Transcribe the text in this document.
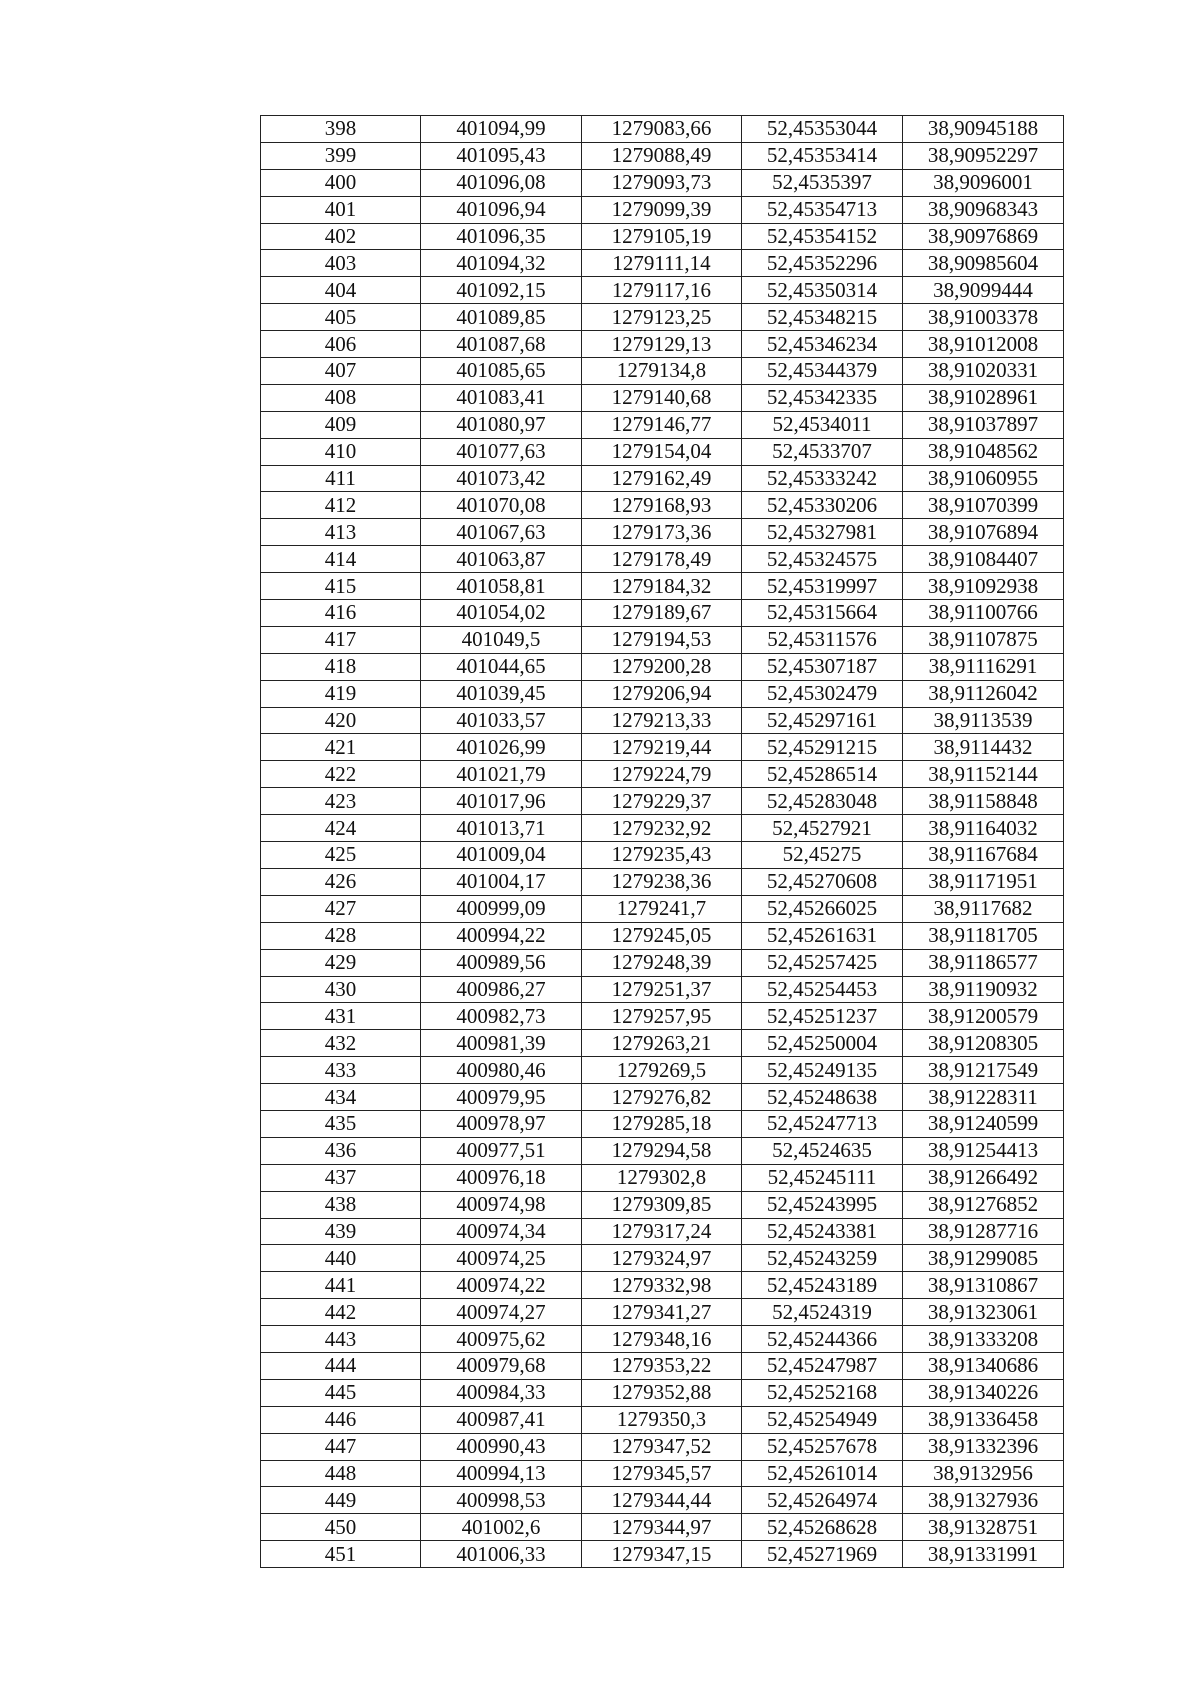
398	401094,99	1279083,66	52,45353044	38,90945188
399	401095,43	1279088,49	52,45353414	38,90952297
400	401096,08	1279093,73	52,4535397	38,9096001
401	401096,94	1279099,39	52,45354713	38,90968343
402	401096,35	1279105,19	52,45354152	38,90976869
403	401094,32	1279111,14	52,45352296	38,90985604
404	401092,15	1279117,16	52,45350314	38,9099444
405	401089,85	1279123,25	52,45348215	38,91003378
406	401087,68	1279129,13	52,45346234	38,91012008
407	401085,65	1279134,8	52,45344379	38,91020331
408	401083,41	1279140,68	52,45342335	38,91028961
409	401080,97	1279146,77	52,4534011	38,91037897
410	401077,63	1279154,04	52,4533707	38,91048562
411	401073,42	1279162,49	52,45333242	38,91060955
412	401070,08	1279168,93	52,45330206	38,91070399
413	401067,63	1279173,36	52,45327981	38,91076894
414	401063,87	1279178,49	52,45324575	38,91084407
415	401058,81	1279184,32	52,45319997	38,91092938
416	401054,02	1279189,67	52,45315664	38,91100766
417	401049,5	1279194,53	52,45311576	38,91107875
418	401044,65	1279200,28	52,45307187	38,91116291
419	401039,45	1279206,94	52,45302479	38,91126042
420	401033,57	1279213,33	52,45297161	38,9113539
421	401026,99	1279219,44	52,45291215	38,9114432
422	401021,79	1279224,79	52,45286514	38,91152144
423	401017,96	1279229,37	52,45283048	38,91158848
424	401013,71	1279232,92	52,4527921	38,91164032
425	401009,04	1279235,43	52,45275	38,91167684
426	401004,17	1279238,36	52,45270608	38,91171951
427	400999,09	1279241,7	52,45266025	38,9117682
428	400994,22	1279245,05	52,45261631	38,91181705
429	400989,56	1279248,39	52,45257425	38,91186577
430	400986,27	1279251,37	52,45254453	38,91190932
431	400982,73	1279257,95	52,45251237	38,91200579
432	400981,39	1279263,21	52,45250004	38,91208305
433	400980,46	1279269,5	52,45249135	38,91217549
434	400979,95	1279276,82	52,45248638	38,91228311
435	400978,97	1279285,18	52,45247713	38,91240599
436	400977,51	1279294,58	52,4524635	38,91254413
437	400976,18	1279302,8	52,45245111	38,91266492
438	400974,98	1279309,85	52,45243995	38,91276852
439	400974,34	1279317,24	52,45243381	38,91287716
440	400974,25	1279324,97	52,45243259	38,91299085
441	400974,22	1279332,98	52,45243189	38,91310867
442	400974,27	1279341,27	52,4524319	38,91323061
443	400975,62	1279348,16	52,45244366	38,91333208
444	400979,68	1279353,22	52,45247987	38,91340686
445	400984,33	1279352,88	52,45252168	38,91340226
446	400987,41	1279350,3	52,45254949	38,91336458
447	400990,43	1279347,52	52,45257678	38,91332396
448	400994,13	1279345,57	52,45261014	38,9132956
449	400998,53	1279344,44	52,45264974	38,91327936
450	401002,6	1279344,97	52,45268628	38,91328751
451	401006,33	1279347,15	52,45271969	38,91331991
